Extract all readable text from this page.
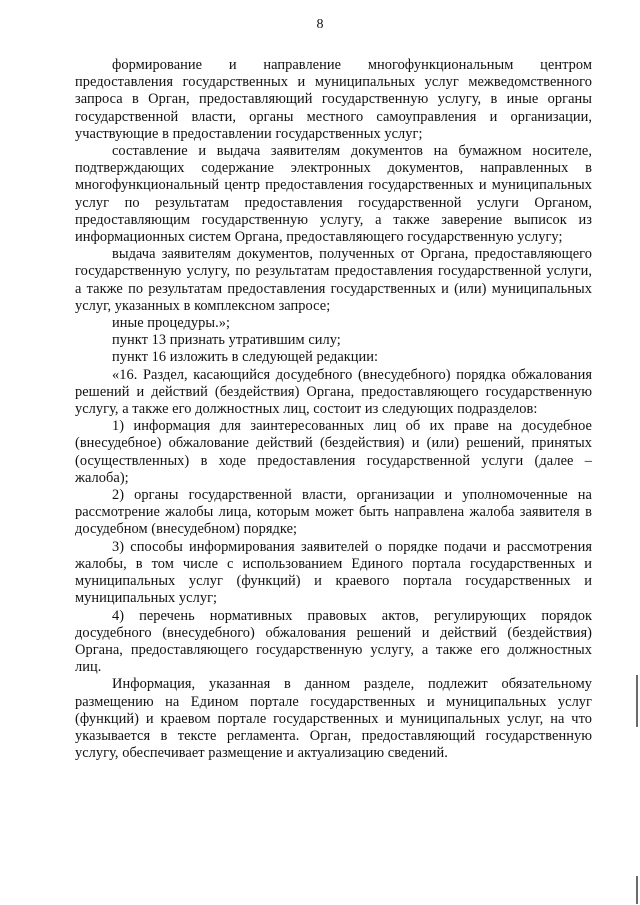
8

формирование и направление многофункциональным центром предоставления государственных и муниципальных услуг межведомственного запроса в Орган, предоставляющий государственную услугу, в иные органы государственной власти, органы местного самоуправления и организации, участвующие в предоставлении государственных услуг;

составление и выдача заявителям документов на бумажном носителе, подтверждающих содержание электронных документов, направленных в многофункциональный центр предоставления государственных и муниципальных услуг по результатам предоставления государственной услуги Органом, предоставляющим государственную услугу, а также заверение выписок из информационных систем Органа, предоставляющего государственную услугу;

выдача заявителям документов, полученных от Органа, предоставляющего государственную услугу, по результатам предоставления государственной услуги, а также по результатам предоставления государственных и (или) муниципальных услуг, указанных в комплексном запросе;

иные процедуры.»;

пункт 13 признать утратившим силу;

пункт 16 изложить в следующей редакции:

«16. Раздел, касающийся досудебного (внесудебного) порядка обжалования решений и действий (бездействия) Органа, предоставляющего государственную услугу, а также его должностных лиц, состоит из следующих подразделов:

1) информация для заинтересованных лиц об их праве на досудебное (внесудебное) обжалование действий (бездействия) и (или) решений, принятых (осуществленных) в ходе предоставления государственной услуги (далее – жалоба);

2) органы государственной власти, организации и уполномоченные на рассмотрение жалобы лица, которым может быть направлена жалоба заявителя в досудебном (внесудебном) порядке;

3) способы информирования заявителей о порядке подачи и рассмотрения жалобы, в том числе с использованием Единого портала государственных и муниципальных услуг (функций) и краевого портала государственных и муниципальных услуг;

4) перечень нормативных правовых актов, регулирующих порядок досудебного (внесудебного) обжалования решений и действий (бездействия) Органа, предоставляющего государственную услугу, а также его должностных лиц.

Информация, указанная в данном разделе, подлежит обязательному размещению на Едином портале государственных и муниципальных услуг (функций) и краевом портале государственных и муниципальных услуг, на что указывается в тексте регламента. Орган, предоставляющий государственную услугу, обеспечивает размещение и актуализацию сведений.
